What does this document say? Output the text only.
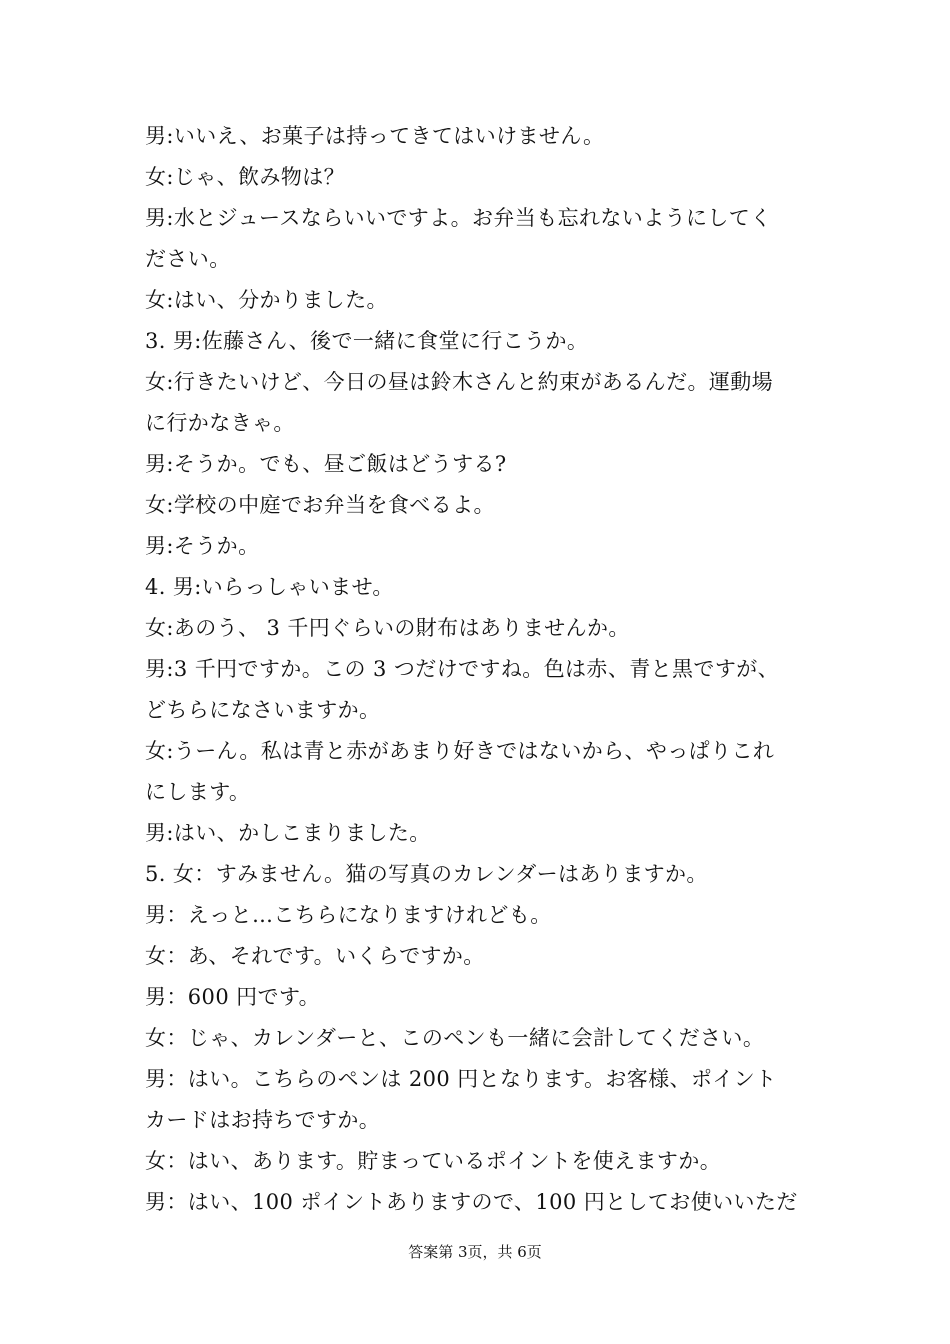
男:いいえ、お菓子は持ってきてはいけません。
女:じゃ、飲み物は？
男:水とジュースならいいですよ。お弁当も忘れないようにしてく
ださい。
女:はい、分かりました。
3. 男:佐藤さん、後で一緒に食堂に行こうか。
女:行きたいけど、今日の昼は鈴木さんと約束があるんだ。運動場
に行かなきゃ。
男:そうか。でも、昼ご飯はどうする?
女:学校の中庭でお弁当を食べるよ。
男:そうか。
4. 男:いらっしゃいませ。
女:あのう、 3 千円ぐらいの財布はありませんか。
男:3 千円ですか。この 3 つだけですね。色は赤、青と黒ですが、
どちらになさいますか。
女:うーん。私は青と赤があまり好きではないから、やっぱりこれ
にします。
男:はい、かしこまりました。
5. 女：すみません。猫の写真のカレンダーはありますか。
男：えっと…こちらになりますけれども。
女：あ、それです。いくらですか。
男：600 円です。
女：じゃ、カレンダーと、このペンも一緒に会計してください。
男：はい。こちらのペンは 200 円となります。お客様、ポイント
カードはお持ちですか。
女：はい、あります。貯まっているポイントを使えますか。
男：はい、100 ポイントありますので、100 円としてお使いいただ
答案第 3页，共 6页
